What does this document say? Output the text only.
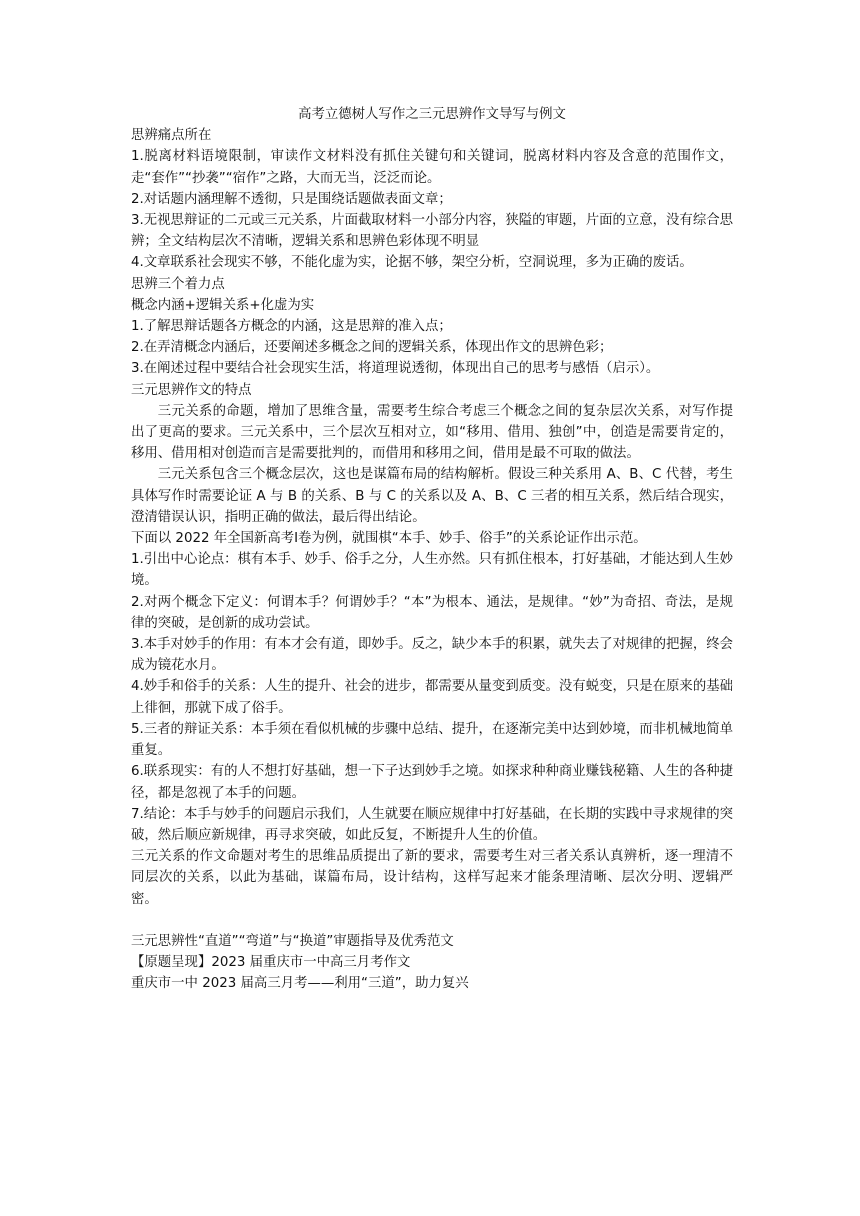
高考立德树人写作之三元思辨作文导写与例文

思辨痛点所在

1.脱离材料语境限制，审读作文材料没有抓住关键句和关键词，脱离材料内容及含意的范围作文，走“套作”“抄袭”“宿作”之路，大而无当，泛泛而论。

2.对话题内涵理解不透彻，只是围绕话题做表面文章；

3.无视思辩证的二元或三元关系，片面截取材料一小部分内容，狭隘的审题，片面的立意，没有综合思辨；全文结构层次不清晰，逻辑关系和思辨色彩体现不明显

4.文章联系社会现实不够，不能化虚为实，论据不够，架空分析，空洞说理，多为正确的废话。

思辨三个着力点

概念内涵+逻辑关系+化虚为实

1.了解思辩话题各方概念的内涵，这是思辩的准入点；

2.在弄清概念内涵后，还要阐述多概念之间的逻辑关系，体现出作文的思辨色彩；

3.在阐述过程中要结合社会现实生活，将道理说透彻，体现出自己的思考与感悟（启示）。

三元思辨作文的特点

三元关系的命题，增加了思维含量，需要考生综合考虑三个概念之间的复杂层次关系，对写作提出了更高的要求。三元关系中，三个层次互相对立，如“移用、借用、独创”中，创造是需要肯定的，移用、借用相对创造而言是需要批判的，而借用和移用之间，借用是最不可取的做法。

三元关系包含三个概念层次，这也是谋篇布局的结构解析。假设三种关系用 A、B、C 代替，考生具体写作时需要论证 A 与 B 的关系、B 与 C 的关系以及 A、B、C 三者的相互关系，然后结合现实，澄清错误认识，指明正确的做法，最后得出结论。

下面以 2022 年全国新高考Ⅰ卷为例，就围棋“本手、妙手、俗手”的关系论证作出示范。

1.引出中心论点：棋有本手、妙手、俗手之分，人生亦然。只有抓住根本，打好基础，才能达到人生妙境。

2.对两个概念下定义：何谓本手？何谓妙手？“本”为根本、通法，是规律。“妙”为奇招、奇法，是规律的突破，是创新的成功尝试。

3.本手对妙手的作用：有本才会有道，即妙手。反之，缺少本手的积累，就失去了对规律的把握，终会成为镜花水月。

4.妙手和俗手的关系：人生的提升、社会的进步，都需要从量变到质变。没有蜕变，只是在原来的基础上徘徊，那就下成了俗手。

5.三者的辩证关系：本手须在看似机械的步骤中总结、提升，在逐渐完美中达到妙境，而非机械地简单重复。

6.联系现实：有的人不想打好基础，想一下子达到妙手之境。如探求种种商业赚钱秘籍、人生的各种捷径，都是忽视了本手的问题。

7.结论：本手与妙手的问题启示我们，人生就要在顺应规律中打好基础，在长期的实践中寻求规律的突破，然后顺应新规律，再寻求突破，如此反复，不断提升人生的价值。

三元关系的作文命题对考生的思维品质提出了新的要求，需要考生对三者关系认真辨析，逐一理清不同层次的关系，以此为基础，谋篇布局，设计结构，这样写起来才能条理清晰、层次分明、逻辑严密。

三元思辨性“直道”“弯道”与“换道”审题指导及优秀范文

【原题呈现】2023 届重庆市一中高三月考作文

重庆市一中 2023 届高三月考——利用“三道”，助力复兴
